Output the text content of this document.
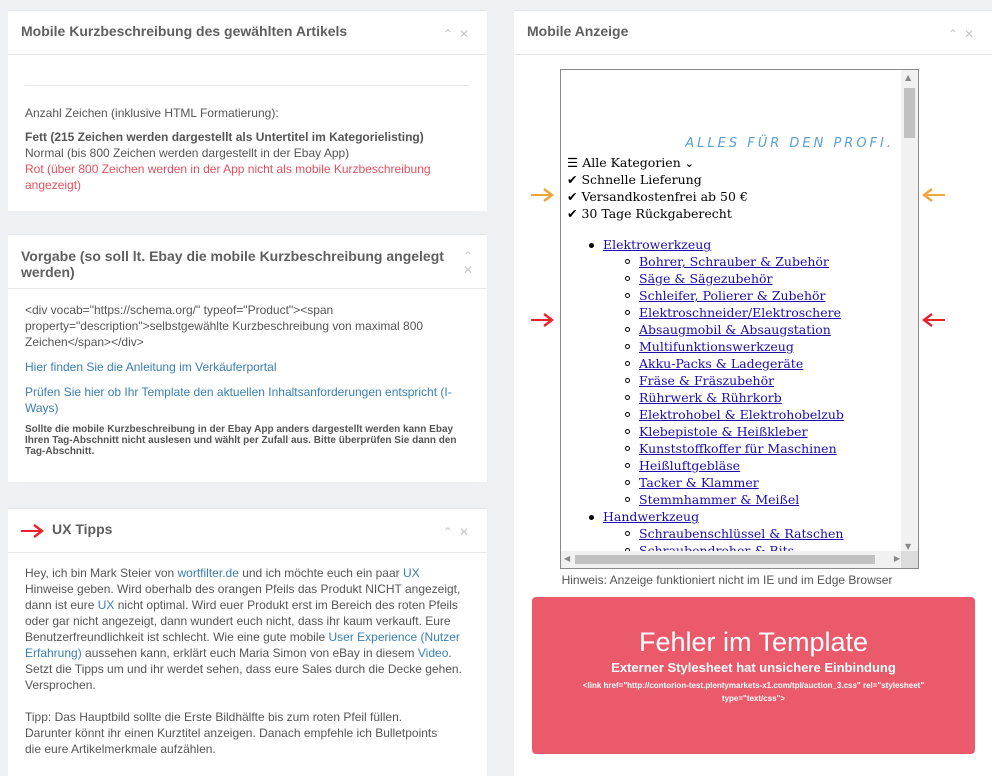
Mobile Kurzbeschreibung des gewählten Artikels	⌃✕
Anzahl Zeichen (inklusive HTML Formatierung):
Fett (215 Zeichen werden dargestellt als Untertitel im Kategorielisting)
Normal (bis 800 Zeichen werden dargestellt in der Ebay App)
Rot (über 800 Zeichen werden in der App nicht als mobile Kurzbeschreibung angezeigt)
Vorgabe (so soll lt. Ebay die mobile Kurzbeschreibung angelegt werden)
⌃
✕
<div vocab="https://schema.org/" typeof="Product"><span property="description">selbstgewählte Kurzbeschreibung von maximal 800 Zeichen</span></div>
Hier finden Sie die Anleitung im Verkäuferportal
Prüfen Sie hier ob Ihr Template den aktuellen Inhaltsanforderungen entspricht (I-Ways)
Sollte die mobile Kurzbeschreibung in der Ebay App anders dargestellt werden kann Ebay Ihren Tag-Abschnitt nicht auslesen und wählt per Zufall aus. Bitte überprüfen Sie dann den Tag-Abschnitt.
UX Tipps	⌃✕
Hey, ich bin Mark Steier von wortfilter.de und ich möchte euch ein paar UX Hinweise geben. Wird oberhalb des orangen Pfeils das Produkt NICHT angezeigt, dann ist eure UX nicht optimal. Wird euer Produkt erst im Bereich des roten Pfeils oder gar nicht angezeigt, dann wundert euch nicht, dass ihr kaum verkauft. Eure Benutzerfreundlichkeit ist schlecht. Wie eine gute mobile User Experience (Nutzer Erfahrung) aussehen kann, erklärt euch Maria Simon von eBay in diesem Video. Setzt die Tipps um und ihr werdet sehen, dass eure Sales durch die Decke gehen. Versprochen.
Tipp: Das Hauptbild sollte die Erste Bildhälfte bis zum roten Pfeil füllen. Darunter könnt ihr einen Kurztitel anzeigen. Danach empfehle ich Bulletpoints die eure Artikelmerkmale aufzählen.
Mobile Anzeige	⌃✕
ALLES FÜR DEN PROFI.
☰ Alle Kategorien ⌄
✔ Schnelle Lieferung
✔ Versandkostenfrei ab 50 €
✔ 30 Tage Rückgaberecht
Elektrowerkzeug
Bohrer, Schrauber & Zubehör
Säge & Sägezubehör
Schleifer, Polierer & Zubehör
Elektroschneider/Elektroschere
Absaugmobil & Absaugstation
Multifunktionswerkzeug
Akku-Packs & Ladegeräte
Fräse & Fräszubehör
Rührwerk & Rührkorb
Elektrohobel & Elektrohobelzub
Klebepistole & Heißkleber
Kunststoffkoffer für Maschinen
Heißluftgebläse
Tacker & Klammer
Stemmhammer & Meißel
Handwerkzeug
Schraubenschlüssel & Ratschen
▲
▼
◀	▶
Hinweis: Anzeige funktioniert nicht im IE und im Edge Browser
Fehler im Template
Externer Stylesheet hat unsichere Einbindung
<link href="http://contorion-test.plentymarkets-x1.com/tpl/auction_3.css" rel="stylesheet" type="text/css">
